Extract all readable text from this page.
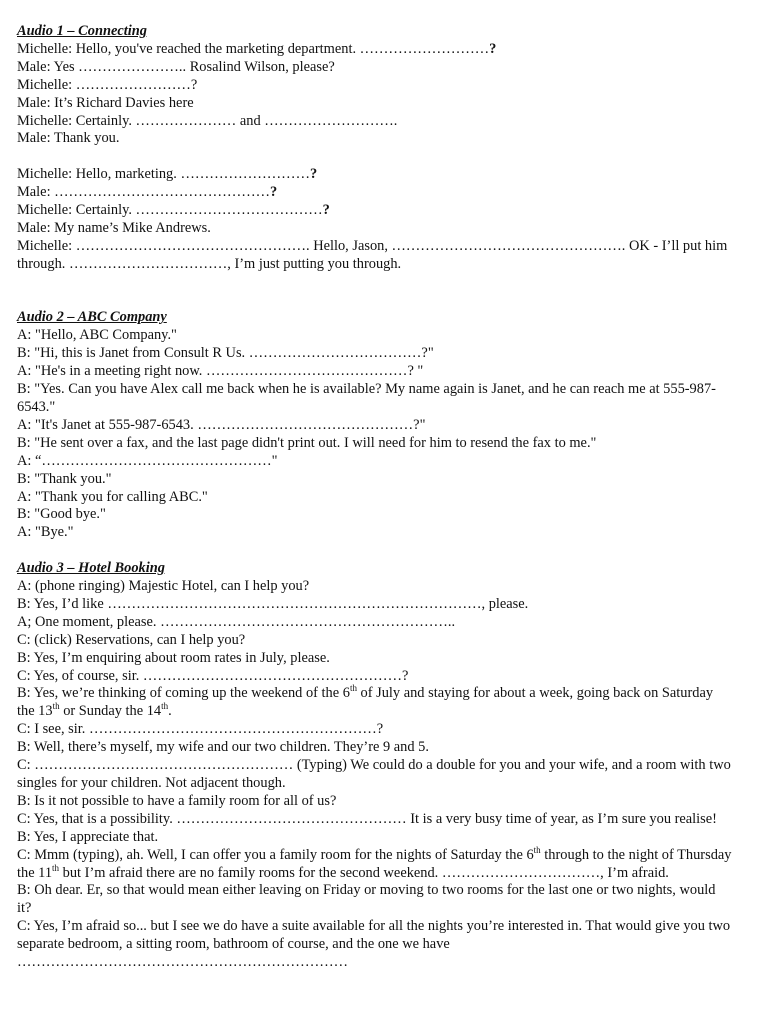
Audio 1 – Connecting
Michelle: Hello, you've reached the marketing department. ………………………?
Male: Yes ………………….. Rosalind Wilson, please?
Michelle: ……………………?
Male: It’s Richard Davies here
Michelle: Certainly. ………………… and ……………………….
Male: Thank you.
Michelle: Hello, marketing. ………………………?
Male: ………………………………………?
Michelle: Certainly. …………………………………?
Male: My name’s Mike Andrews.
Michelle: …………………………………………. Hello, Jason, …………………………………………. OK - I’ll put him through. ……………………………, I’m just putting you through.
Audio 2 – ABC Company
A: "Hello, ABC Company."
B: "Hi, this is Janet from Consult R Us. ………………………………?"
A: "He's in a meeting right now. ……………………………………? "
B: "Yes. Can you have Alex call me back when he is available? My name again is Janet, and he can reach me at 555-987-6543."
A: "It's Janet at 555-987-6543. ………………………………………?"
B: "He sent over a fax, and the last page didn't print out. I will need for him to resend the fax to me."
A: “…………………………………………"
B: "Thank you."
A: "Thank you for calling ABC."
B: "Good bye."
A: "Bye."
Audio 3 – Hotel Booking
A: (phone ringing) Majestic Hotel, can I help you?
B: Yes, I’d like ……………………………………………………………………, please.
A; One moment, please. ……………………………………………………..
C: (click) Reservations, can I help you?
B: Yes, I’m enquiring about room rates in July, please.
C: Yes, of course, sir. ………………………………………………?
B: Yes, we’re thinking of coming up the weekend of the 6th of July and staying for about a week, going back on Saturday the 13th or Sunday the 14th.
C: I see, sir. ……………………………………………………?
B: Well, there’s myself, my wife and our two children. They’re 9 and 5.
C: ……………………………………………… (Typing) We could do a double for you and your wife, and a room with two singles for your children. Not adjacent though.
B: Is it not possible to have a family room for all of us?
C: Yes, that is a possibility. ………………………………………… It is a very busy time of year, as I’m sure you realise!
B: Yes, I appreciate that.
C: Mmm (typing), ah. Well, I can offer you a family room for the nights of Saturday the 6th through to the night of Thursday the 11th but I’m afraid there are no family rooms for the second weekend. ……………………………, I’m afraid.
B: Oh dear. Er, so that would mean either leaving on Friday or moving to two rooms for the last one or two nights, would it?
C: Yes, I’m afraid so... but I see we do have a suite available for all the nights you’re interested in. That would give you two separate bedroom, a sitting room, bathroom of course, and the one we have
……………………………………………………………
